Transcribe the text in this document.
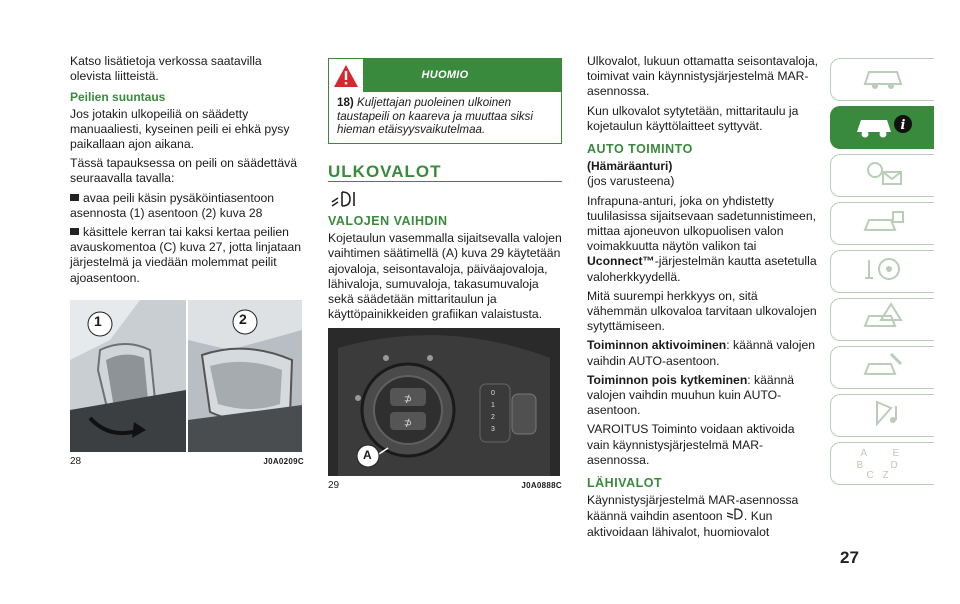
Katso lisätietoja verkossa saatavilla olevista liitteistä.

Peilien suuntaus

Jos jotakin ulkopeiliä on säädetty manuaaliesti, kyseinen peili ei ehkä pysy paikallaan ajon aikana.

Tässä tapauksessa on peili on säädettävä seuraavalla tavalla:

avaa peili käsin pysäköintiasentoon asennosta (1) asentoon (2) kuva 28

käsittele kerran tai kaksi kertaa peilien avauskomentoa (C) kuva 27, jotta linjataan järjestelmä ja viedään molemmat peilit ajoasentoon.

1	2
28	J0A0209C
HUOMIO
18) Kuljettajan puoleinen ulkoinen taustapeili on kaareva ja muuttaa siksi hieman etäisyysvaikutelmaa.
ULKOVALOT
VALOJEN VAIHDIN

Kojetaulun vasemmalla sijaitsevalla valojen vaihtimen säätimellä (A) kuva 29 käytetään ajovaloja, seisontavaloja, päiväajovaloja, lähivaloja, sumuvaloja, takasumuvaloja sekä säädetään mittaritaulun ja käyttöpainikkeiden grafiikan valaistusta.

⊅
⊅
A
0
1
2
3
29	J0A0888C

Ulkovalot, lukuun ottamatta seisontavaloja, toimivat vain käynnistysjärjestelmä MAR-asennossa.

Kun ulkovalot sytytetään, mittaritaulu ja kojetaulun käyttölaitteet syttyvät.

AUTO TOIMINTO
(Hämäräanturi)

(jos varusteena)

Infrapuna-anturi, joka on yhdistetty tuulilasissa sijaitsevaan sadetunnistimeen, mittaa ajoneuvon ulkopuolisen valon voimakkuutta näytön valikon tai Uconnect™-järjestelmän kautta asetetulla valoherkkyydellä.

Mitä suurempi herkkyys on, sitä vähemmän ulkovaloa tarvitaan ulkovalojen sytyttämiseen.

Toiminnon aktivoiminen: käännä valojen vaihdin AUTO-asentoon.

Toiminnon pois kytkeminen: käännä valojen vaihdin muuhun kuin AUTO-asentoon.

VAROITUS Toiminto voidaan aktivoida vain käynnistysjärjestelmä MAR-asennossa.

LÄHIVALOT

Käynnistysjärjestelmä MAR-asennossa käännä vaihdin asentoon . Kun aktivoidaan lähivalot, huomiovalot

i
A	E
B	D
C Z
27
